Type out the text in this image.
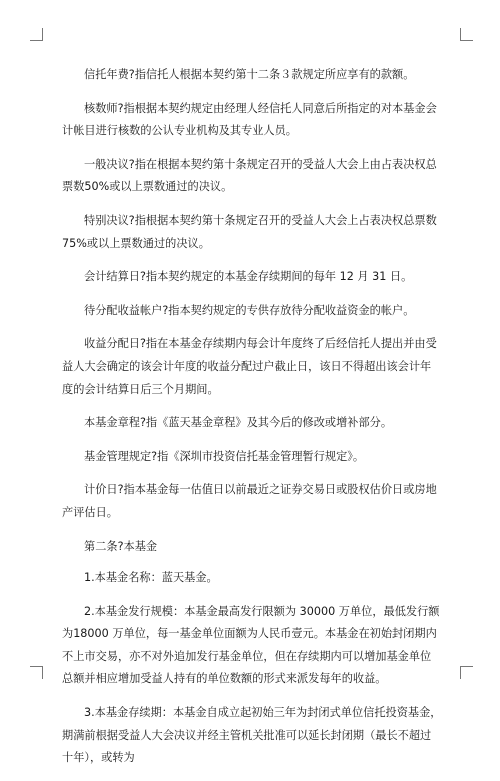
信托年费?指信托人根据本契约第十二条３款规定所应享有的款额。

核数师?指根据本契约规定由经理人经信托人同意后所指定的对本基金会计帐目进行核数的公认专业机构及其专业人员。

一般决议?指在根据本契约第十条规定召开的受益人大会上由占表决权总票数50%或以上票数通过的决议。

特别决议?指根据本契约第十条规定召开的受益人大会上占表决权总票数 75%或以上票数通过的决议。

会计结算日?指本契约规定的本基金存续期间的每年 12 月 31 日。

待分配收益帐户?指本契约规定的专供存放待分配收益资金的帐户。

收益分配日?指在本基金存续期内每会计年度终了后经信托人提出并由受益人大会确定的该会计年度的收益分配过户截止日，该日不得超出该会计年度的会计结算日后三个月期间。

本基金章程?指《蓝天基金章程》及其今后的修改或增补部分。

基金管理规定?指《深圳市投资信托基金管理暂行规定》。

计价日?指本基金每一估值日以前最近之证券交易日或股权估价日或房地产评估日。

第二条?本基金

1.本基金名称：蓝天基金。

2.本基金发行规模：本基金最高发行限额为 30000 万单位，最低发行额为18000 万单位，每一基金单位面额为人民币壹元。本基金在初始封闭期内不上市交易，亦不对外追加发行基金单位，但在存续期内可以增加基金单位总额并相应增加受益人持有的单位数额的形式来派发每年的收益。

3.本基金存续期：本基金自成立起初始三年为封闭式单位信托投资基金，期满前根据受益人大会决议并经主管机关批准可以延长封闭期（最长不超过十年），或转为
